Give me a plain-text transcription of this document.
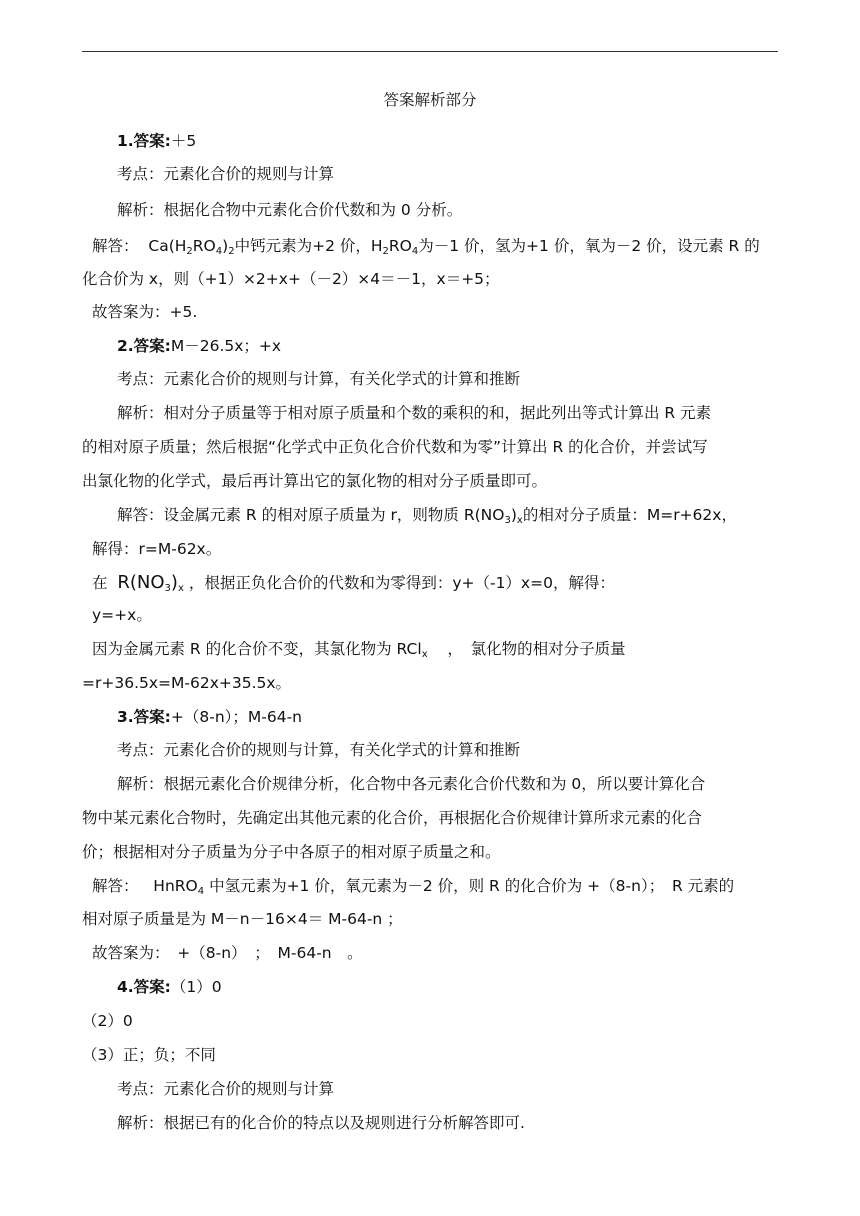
答案解析部分
1.答案:＋5
考点：元素化合价的规则与计算
解析：根据化合物中元素化合价代数和为 0 分析。
解答： $Ca(H_2RO_4)_2$中钙元素为+2 价，$H_2RO_4$为－1 价，氢为+1 价，氧为－2 价，设元素 R 的
化合价为 x，则（+1）×2+x+（－2）×4＝－1，x＝+5；
故答案为：+5.
2.答案:M－26.5x；+x
考点：元素化合价的规则与计算，有关化学式的计算和推断
解析：相对分子质量等于相对原子质量和个数的乘积的和，据此列出等式计算出 R 元素
的相对原子质量；然后根据“化学式中正负化合价代数和为零”计算出 R 的化合价，并尝试写
出氯化物的化学式，最后再计算出它的氯化物的相对分子质量即可。
解答：设金属元素 R 的相对原子质量为 r，则物质 $R(NO_3)_x$的相对分子质量：M=r+62x，
解得：r=M-62x。
在 $R(NO_3)_x$ ，根据正负化合价的代数和为零得到：y+（-1）x=0，解得：
y=+x。
因为金属元素 R 的化合价不变，其氯化物为 RCl$_x$ ，　氯化物的相对分子质量
=r+36.5x=M-62x+35.5x。
3.答案:+（8-n）；M-64-n
考点：元素化合价的规则与计算，有关化学式的计算和推断
解析：根据元素化合价规律分析，化合物中各元素化合价代数和为 0，所以要计算化合
物中某元素化合物时，先确定出其他元素的化合价，再根据化合价规律计算所求元素的化合
价；根据相对分子质量为分子中各原子的相对原子质量之和。
解答： HnRO$_4$ 中氢元素为+1 价，氧元素为－2 价，则 R 的化合价为 +（8-n）；　R 元素的
相对原子质量是为 M－n－16×4＝ M-64-n ；
故答案为：　+（8-n）　；　M-64-n　。
4.答案:（1）0
（2）0
（3）正；负；不同
考点：元素化合价的规则与计算
解析：根据已有的化合价的特点以及规则进行分析解答即可.
